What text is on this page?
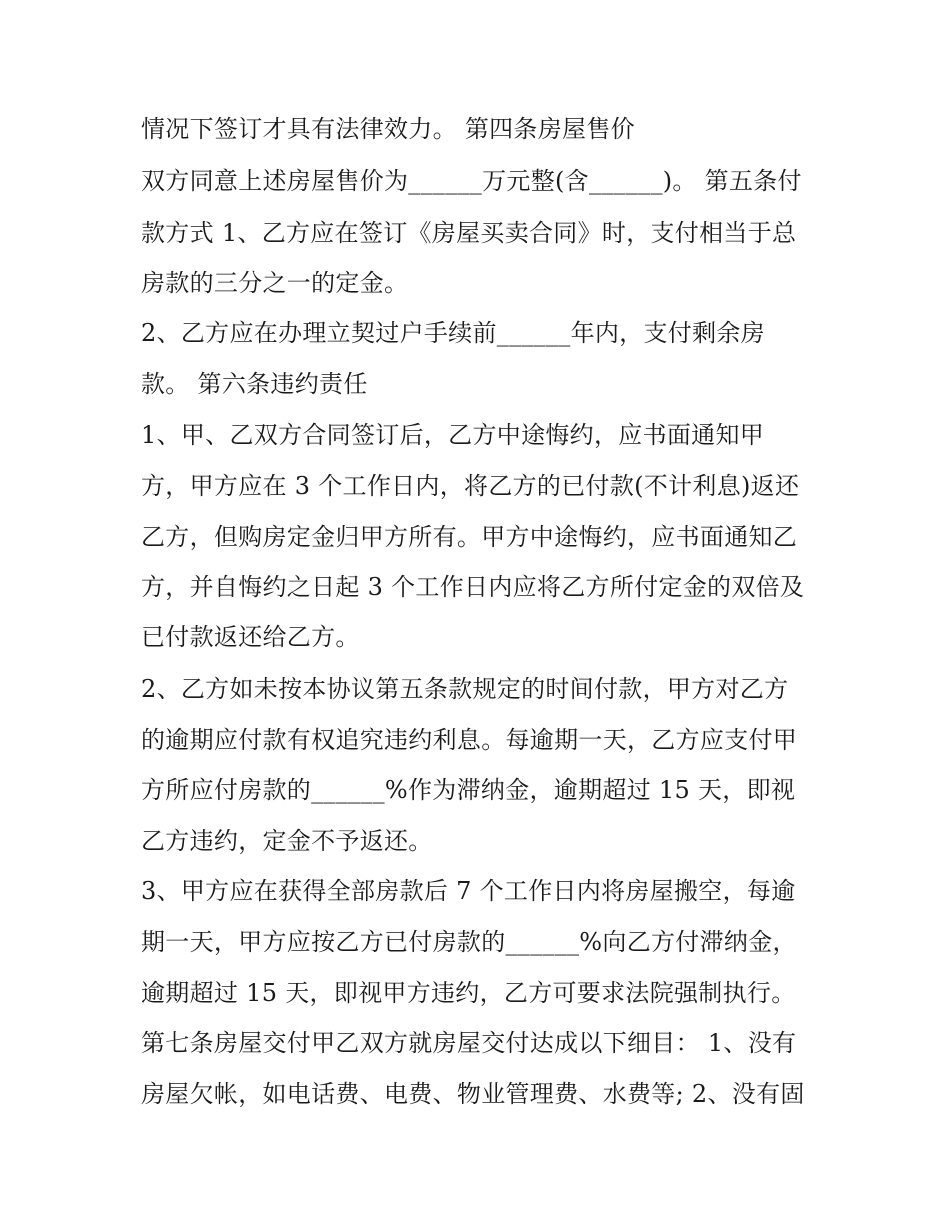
情况下签订才具有法律效力。 第四条房屋售价
双方同意上述房屋售价为______万元整(含______)。 第五条付
款方式 1、乙方应在签订《房屋买卖合同》时，支付相当于总
房款的三分之一的定金。
2、乙方应在办理立契过户手续前______年内，支付剩余房
款。 第六条违约责任
1、甲、乙双方合同签订后，乙方中途悔约，应书面通知甲
方，甲方应在 3 个工作日内，将乙方的已付款(不计利息)返还
乙方，但购房定金归甲方所有。甲方中途悔约，应书面通知乙
方，并自悔约之日起 3 个工作日内应将乙方所付定金的双倍及
已付款返还给乙方。
2、乙方如未按本协议第五条款规定的时间付款，甲方对乙方
的逾期应付款有权追究违约利息。每逾期一天，乙方应支付甲
方所应付房款的______%作为滞纳金，逾期超过 15 天，即视
乙方违约，定金不予返还。
3、甲方应在获得全部房款后 7 个工作日内将房屋搬空，每逾
期一天，甲方应按乙方已付房款的______%向乙方付滞纳金，
逾期超过 15 天，即视甲方违约，乙方可要求法院强制执行。
第七条房屋交付甲乙双方就房屋交付达成以下细目： 1、没有
房屋欠帐，如电话费、电费、物业管理费、水费等; 2、没有固
